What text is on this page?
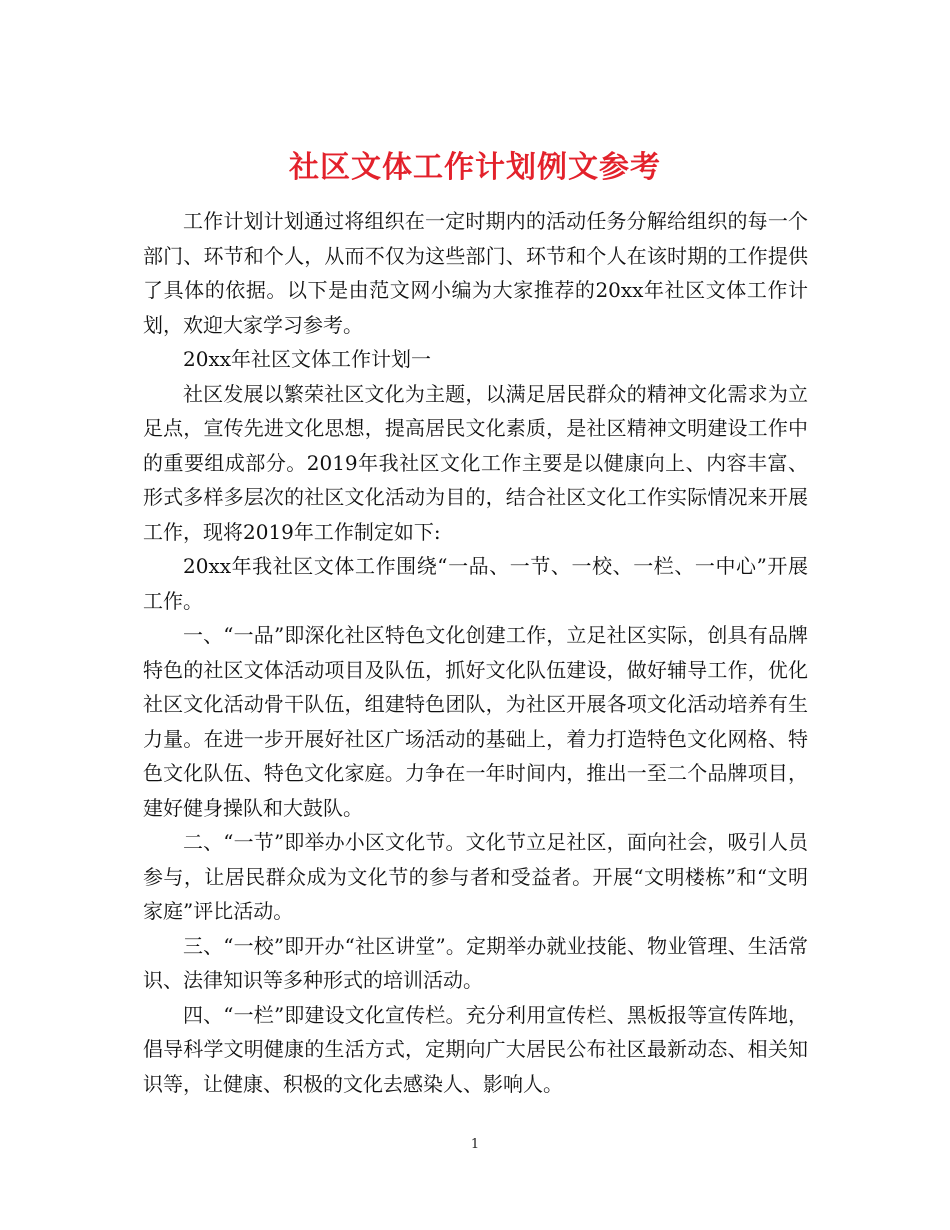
社区文体工作计划例文参考

工作计划计划通过将组织在一定时期内的活动任务分解给组织的每一个部门、环节和个人，从而不仅为这些部门、环节和个人在该时期的工作提供了具体的依据。以下是由范文网小编为大家推荐的20xx年社区文体工作计划，欢迎大家学习参考。

20xx年社区文体工作计划一

社区发展以繁荣社区文化为主题，以满足居民群众的精神文化需求为立足点，宣传先进文化思想，提高居民文化素质，是社区精神文明建设工作中的重要组成部分。2019年我社区文化工作主要是以健康向上、内容丰富、形式多样多层次的社区文化活动为目的，结合社区文化工作实际情况来开展工作，现将2019年工作制定如下:

20xx年我社区文体工作围绕“一品、一节、一校、一栏、一中心”开展工作。

一、“一品”即深化社区特色文化创建工作，立足社区实际，创具有品牌特色的社区文体活动项目及队伍，抓好文化队伍建设，做好辅导工作，优化社区文化活动骨干队伍，组建特色团队，为社区开展各项文化活动培养有生力量。在进一步开展好社区广场活动的基础上，着力打造特色文化网格、特色文化队伍、特色文化家庭。力争在一年时间内，推出一至二个品牌项目，建好健身操队和大鼓队。

二、“一节”即举办小区文化节。文化节立足社区，面向社会，吸引人员参与，让居民群众成为文化节的参与者和受益者。开展“文明楼栋”和“文明家庭”评比活动。

三、“一校”即开办“社区讲堂”。定期举办就业技能、物业管理、生活常识、法律知识等多种形式的培训活动。

四、“一栏”即建设文化宣传栏。充分利用宣传栏、黑板报等宣传阵地，倡导科学文明健康的生活方式，定期向广大居民公布社区最新动态、相关知识等，让健康、积极的文化去感染人、影响人。

1
